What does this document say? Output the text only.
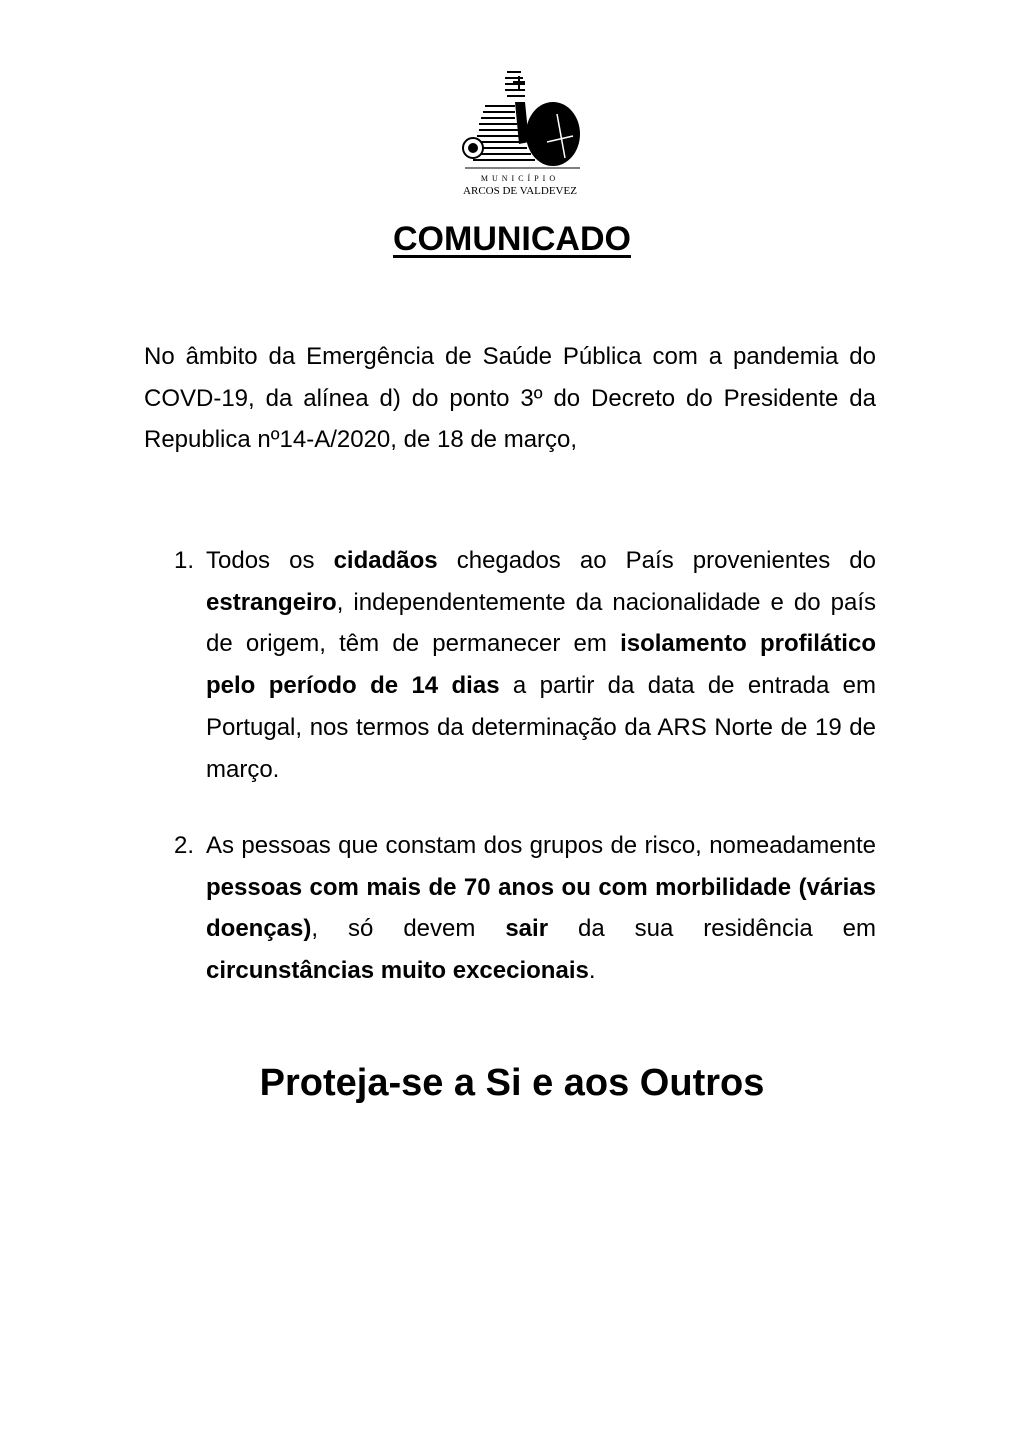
MUNICÍPIO
ARCOS DE VALDEVEZ
COMUNICADO
No âmbito da Emergência de Saúde Pública com a pandemia do COVD-19, da alínea d) do ponto 3º do Decreto do Presidente da Republica nº14-A/2020, de 18 de março,
1. Todos os cidadãos chegados ao País provenientes do estrangeiro, independentemente da nacionalidade e do país de origem, têm de permanecer em isolamento profilático pelo período de 14 dias a partir da data de entrada em Portugal, nos termos da determinação da ARS Norte de 19 de março.
2. As pessoas que constam dos grupos de risco, nomeadamente pessoas com mais de 70 anos ou com morbilidade (várias doenças), só devem sair da sua residência em circunstâncias muito excecionais.
Proteja-se a Si e aos Outros
